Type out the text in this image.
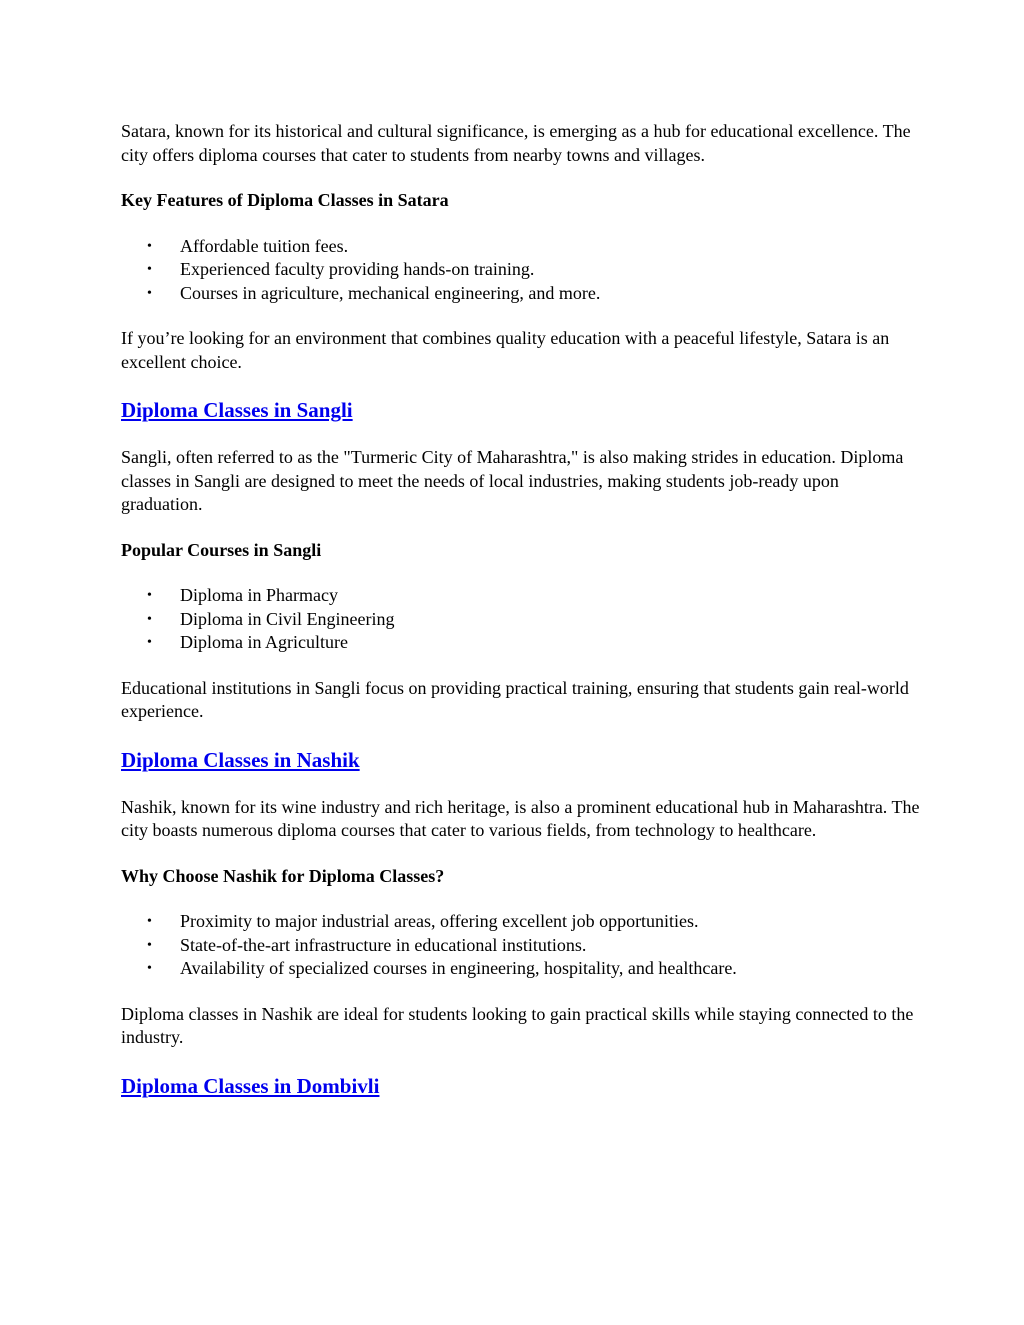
Satara, known for its historical and cultural significance, is emerging as a hub for educational excellence. The city offers diploma courses that cater to students from nearby towns and villages.

Key Features of Diploma Classes in Satara

• Affordable tuition fees.
• Experienced faculty providing hands-on training.
• Courses in agriculture, mechanical engineering, and more.

If you’re looking for an environment that combines quality education with a peaceful lifestyle, Satara is an excellent choice.

Diploma Classes in Sangli

Sangli, often referred to as the "Turmeric City of Maharashtra," is also making strides in education. Diploma classes in Sangli are designed to meet the needs of local industries, making students job-ready upon graduation.

Popular Courses in Sangli

• Diploma in Pharmacy
• Diploma in Civil Engineering
• Diploma in Agriculture

Educational institutions in Sangli focus on providing practical training, ensuring that students gain real-world experience.

Diploma Classes in Nashik

Nashik, known for its wine industry and rich heritage, is also a prominent educational hub in Maharashtra. The city boasts numerous diploma courses that cater to various fields, from technology to healthcare.

Why Choose Nashik for Diploma Classes?

• Proximity to major industrial areas, offering excellent job opportunities.
• State-of-the-art infrastructure in educational institutions.
• Availability of specialized courses in engineering, hospitality, and healthcare.

Diploma classes in Nashik are ideal for students looking to gain practical skills while staying connected to the industry.

Diploma Classes in Dombivli
